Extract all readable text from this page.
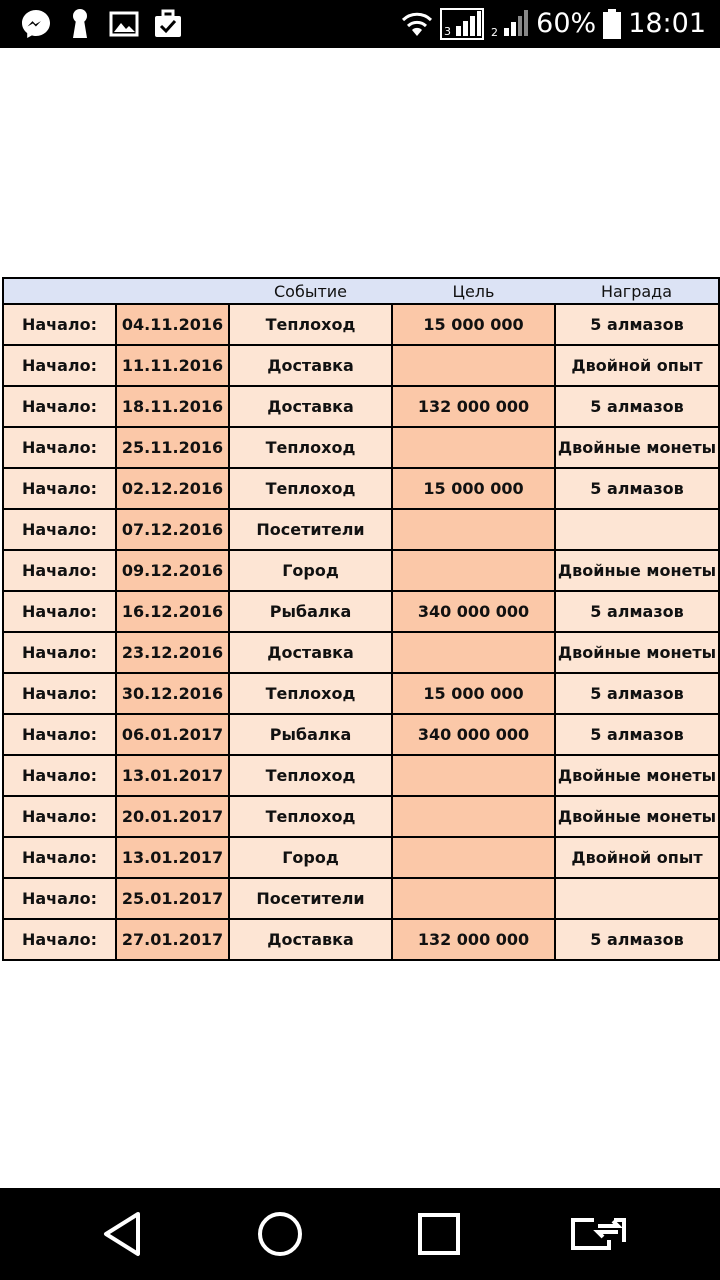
3	2 60% 18:01
		Событие	Цель	Награда
Начало:	04.11.2016	Теплоход	15 000 000	5 алмазов
Начало:	11.11.2016	Доставка		Двойной опыт
Начало:	18.11.2016	Доставка	132 000 000	5 алмазов
Начало:	25.11.2016	Теплоход		Двойные монеты
Начало:	02.12.2016	Теплоход	15 000 000	5 алмазов
Начало:	07.12.2016	Посетители		
Начало:	09.12.2016	Город		Двойные монеты
Начало:	16.12.2016	Рыбалка	340 000 000	5 алмазов
Начало:	23.12.2016	Доставка		Двойные монеты
Начало:	30.12.2016	Теплоход	15 000 000	5 алмазов
Начало:	06.01.2017	Рыбалка	340 000 000	5 алмазов
Начало:	13.01.2017	Теплоход		Двойные монеты
Начало:	20.01.2017	Теплоход		Двойные монеты
Начало:	13.01.2017	Город		Двойной опыт
Начало:	25.01.2017	Посетители		
Начало:	27.01.2017	Доставка	132 000 000	5 алмазов
